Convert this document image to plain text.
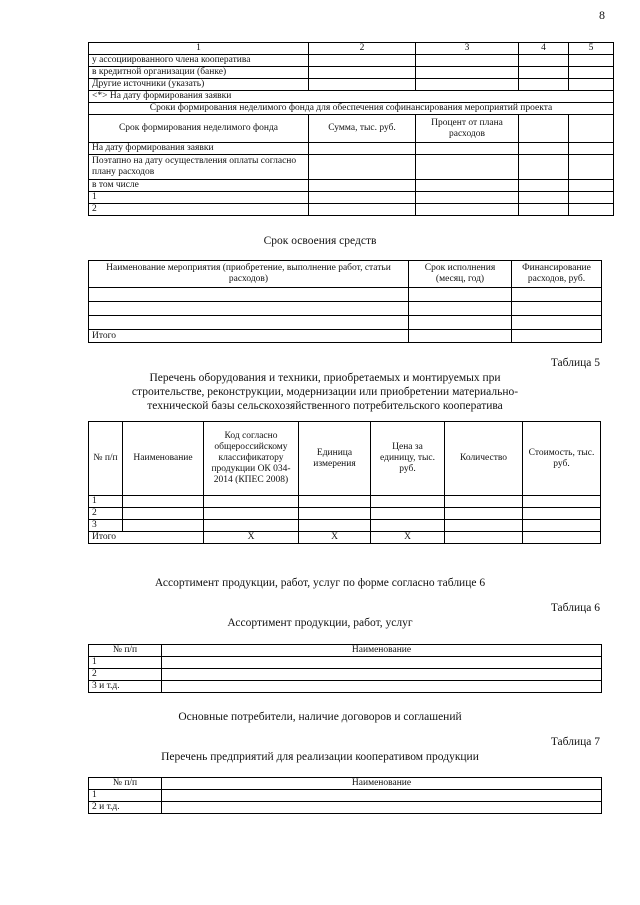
8
1	2	3	4	5
у ассоциированного члена кооператива				
в кредитной организации (банке)				
Другие источники (указать)				
<*> На дату формирования заявки				
Сроки формирования неделимого фонда для обеспечения софинансирования мероприятий проекта				
Срок формирования неделимого фонда	Сумма, тыс. руб.	Процент от плана расходов		
На дату формирования заявки				
Поэтапно на дату осуществления оплаты согласно плану расходов				
в том числе				
1				
2				
Срок освоения средств
Наименование мероприятия (приобретение, выполнение работ, статьи расходов)	Срок исполнения (месяц, год)	Финансирование расходов, руб.

Итого		
Таблица 5
Перечень оборудования и техники, приобретаемых и монтируемых при строительстве, реконструкции, модернизации или приобретении материально-технической базы сельскохозяйственного потребительского кооператива
№ п/п	Наименование	Код согласно общероссийскому классификатору продукции ОК 034-2014 (КПЕС 2008)	Единица измерения	Цена за единицу, тыс. руб.	Количество	Стоимость, тыс. руб.
1						
2						
3						
Итого		Х	Х	Х		
Ассортимент продукции, работ, услуг по форме согласно таблице 6
Таблица 6
Ассортимент продукции, работ, услуг
№ п/п	Наименование
1	
2	
3 и т.д.	
Основные потребители, наличие договоров и соглашений
Таблица 7
Перечень предприятий для реализации кооперативом продукции
№ п/п	Наименование
1	
2 и т.д.	
